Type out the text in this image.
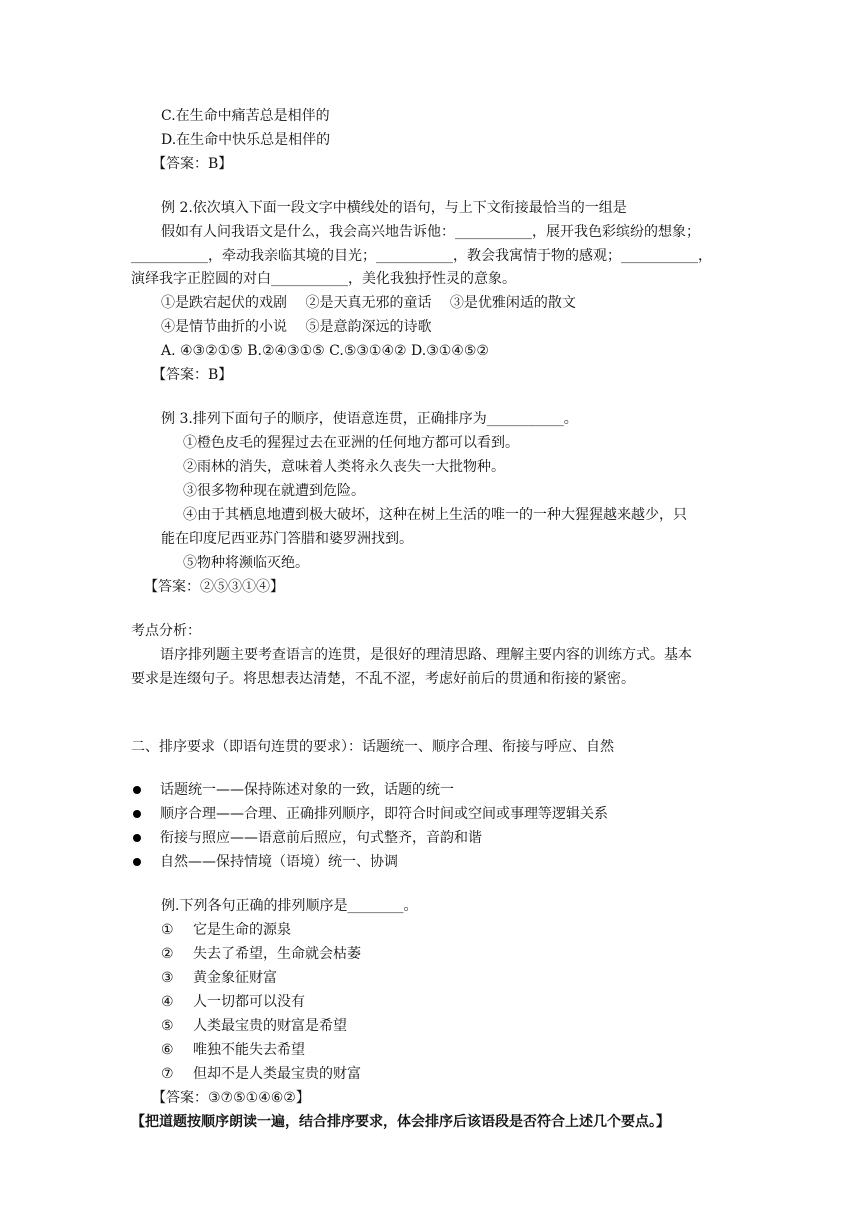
C.在生命中痛苦总是相伴的
D.在生命中快乐总是相伴的
【答案：B】
例 2.依次填入下面一段文字中横线处的语句，与上下文衔接最恰当的一组是
假如有人问我语文是什么，我会高兴地告诉他：___________，展开我色彩缤纷的想象；
___________，牵动我亲临其境的目光；___________，教会我寓情于物的感观；___________，
演绎我字正腔圆的对白___________，美化我独抒性灵的意象。
①是跌宕起伏的戏剧　 ②是天真无邪的童话　 ③是优雅闲适的散文
④是情节曲折的小说　 ⑤是意韵深远的诗歌
A. ④③②①⑤ B.②④③①⑤ C.⑤③①④② D.③①④⑤②
【答案：B】
例 3.排列下面句子的顺序，使语意连贯，正确排序为___________。
①橙色皮毛的猩猩过去在亚洲的任何地方都可以看到。
②雨林的消失，意味着人类将永久丧失一大批物种。
③很多物种现在就遭到危险。
④由于其栖息地遭到极大破坏，这种在树上生活的唯一的一种大猩猩越来越少，只
能在印度尼西亚苏门答腊和婆罗洲找到。
⑤物种将濒临灭绝。
【答案：②⑤③①④】
考点分析：
语序排列题主要考查语言的连贯，是很好的理清思路、理解主要内容的训练方式。基本
要求是连缀句子。将思想表达清楚，不乱不涩，考虑好前后的贯通和衔接的紧密。
二、排序要求（即语句连贯的要求）：话题统一、顺序合理、衔接与呼应、自然
话题统一——保持陈述对象的一致，话题的统一
顺序合理——合理、正确排列顺序，即符合时间或空间或事理等逻辑关系
衔接与照应——语意前后照应，句式整齐，音韵和谐
自然——保持情境（语境）统一、协调
例.下列各句正确的排列顺序是________。
① 它是生命的源泉
② 失去了希望，生命就会枯萎
③ 黄金象征财富
④ 人一切都可以没有
⑤ 人类最宝贵的财富是希望
⑥ 唯独不能失去希望
⑦ 但却不是人类最宝贵的财富
【答案：③⑦⑤①④⑥②】
【把道题按顺序朗读一遍，结合排序要求，体会排序后该语段是否符合上述几个要点。】
